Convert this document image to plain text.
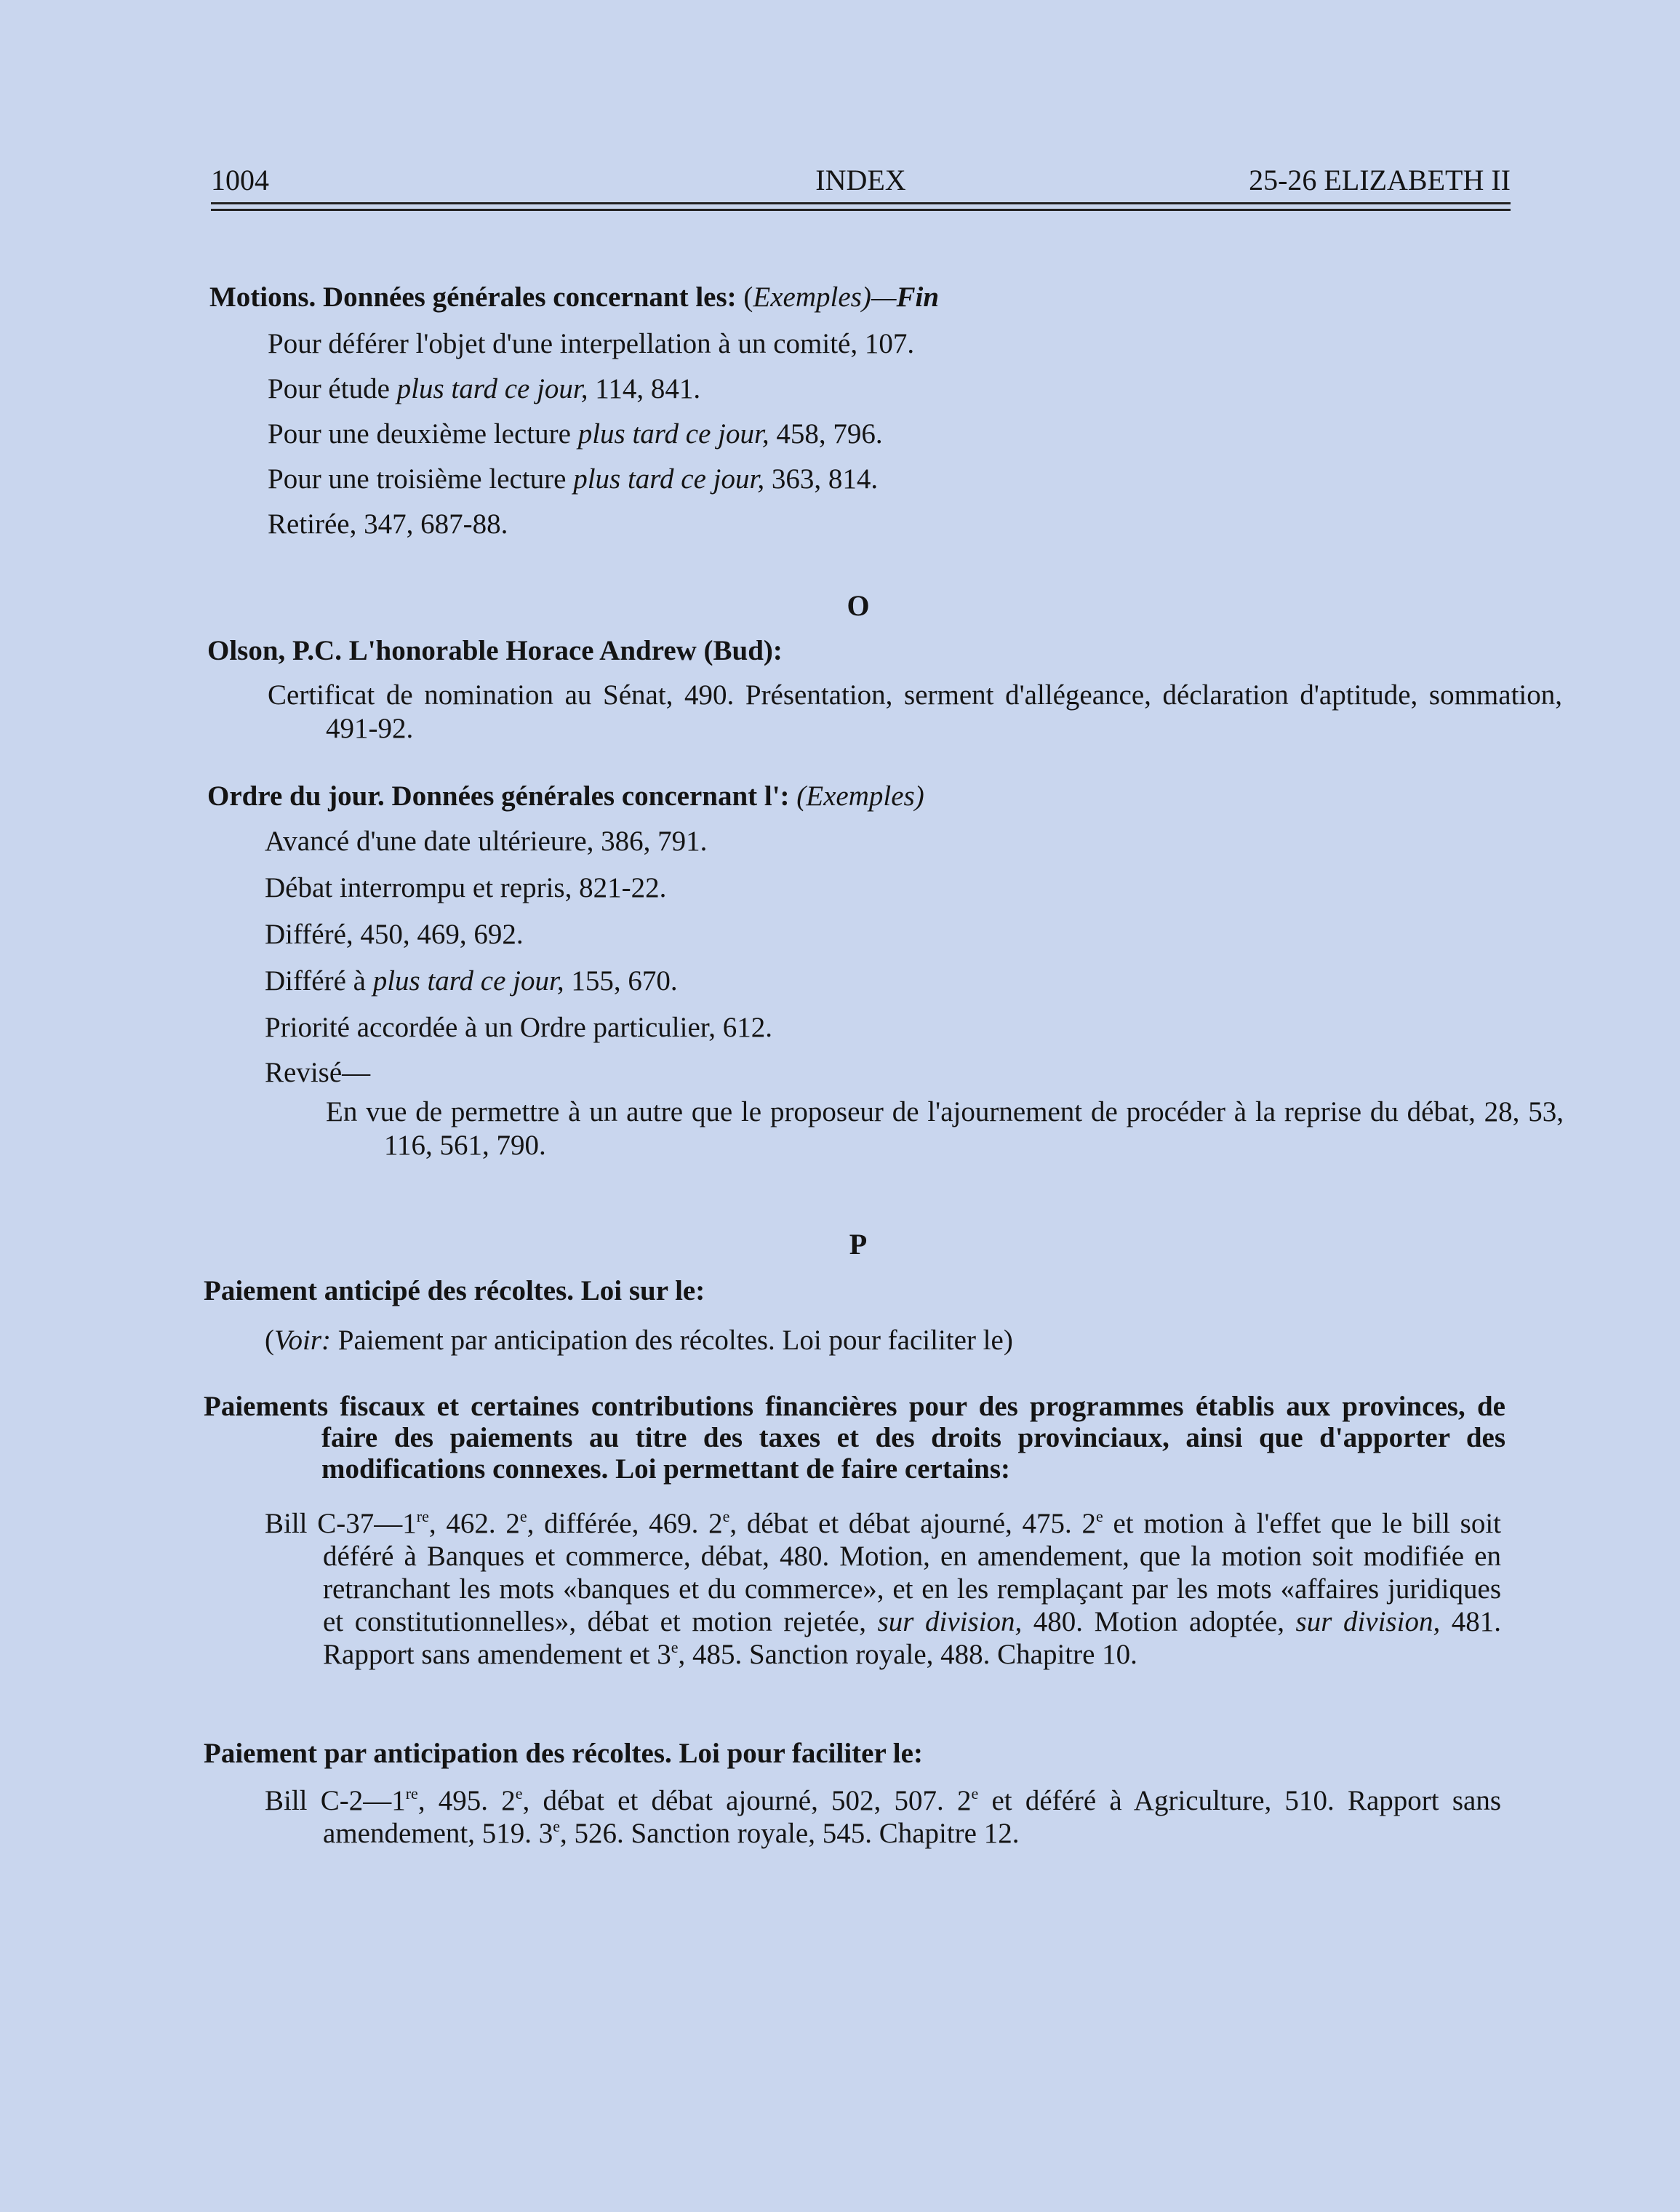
1004	INDEX	25-26 ELIZABETH II
Motions. Données générales concernant les: (Exemples)—Fin
Pour déférer l'objet d'une interpellation à un comité, 107.
Pour étude plus tard ce jour, 114, 841.
Pour une deuxième lecture plus tard ce jour, 458, 796.
Pour une troisième lecture plus tard ce jour, 363, 814.
Retirée, 347, 687-88.
O
Olson, P.C. L'honorable Horace Andrew (Bud):
Certificat de nomination au Sénat, 490. Présentation, serment d'allégeance, déclaration d'aptitude, sommation, 491-92.
Ordre du jour. Données générales concernant l': (Exemples)
Avancé d'une date ultérieure, 386, 791.
Débat interrompu et repris, 821-22.
Différé, 450, 469, 692.
Différé à plus tard ce jour, 155, 670.
Priorité accordée à un Ordre particulier, 612.
Revisé—
En vue de permettre à un autre que le proposeur de l'ajournement de procéder à la reprise du débat, 28, 53, 116, 561, 790.
P
Paiement anticipé des récoltes. Loi sur le:
(Voir: Paiement par anticipation des récoltes. Loi pour faciliter le)
Paiements fiscaux et certaines contributions financières pour des programmes établis aux provinces, de faire des paiements au titre des taxes et des droits provinciaux, ainsi que d'apporter des modifications connexes. Loi permettant de faire certains:
Bill C-37—1re, 462. 2e, différée, 469. 2e, débat et débat ajourné, 475. 2e et motion à l'effet que le bill soit déféré à Banques et commerce, débat, 480. Motion, en amendement, que la motion soit modifiée en retranchant les mots «banques et du commerce», et en les remplaçant par les mots «affaires juridiques et constitutionnelles», débat et motion rejetée, sur division, 480. Motion adoptée, sur division, 481. Rapport sans amendement et 3e, 485. Sanction royale, 488. Chapitre 10.
Paiement par anticipation des récoltes. Loi pour faciliter le:
Bill C-2—1re, 495. 2e, débat et débat ajourné, 502, 507. 2e et déféré à Agriculture, 510. Rapport sans amendement, 519. 3e, 526. Sanction royale, 545. Chapitre 12.
